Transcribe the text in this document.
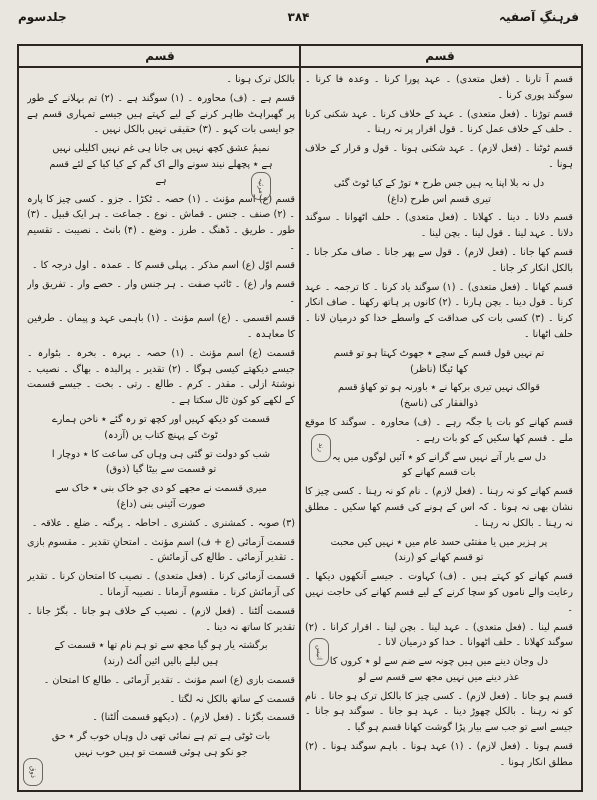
فرہنگِ آصفیہ
۳۸۴
جلدسوم
قسم
قسم

قسم آ تارنا ۔ (فعل متعدی) ۔ عہد پورا کرنا ۔ وعدہ فا کرنا ۔ سوگند پوری کرنا ۔

قسم توڑنا ۔ (فعل متعدی) ۔ عہد کے خلاف کرنا ۔ عہد شکنی کرنا ۔ حلف کے خلاف عمل کرنا ۔ قول اقرار پر نہ رہنا ۔

قسم ٹوٹنا ۔ (فعل لازم) ۔ عہد شکنی ہونا ۔ قول و قرار کے خلاف ہونا ۔

دل نہ بلا اپنا یہ ہیں جس طرح ٭ توڑ کے کیا ٹوٹ گئی تیری قسم اس طرح (داغ)

قسم دلانا ۔ دینا ۔ کھلانا ۔ (فعل متعدی) ۔ حلف اٹھوانا ۔ سوگند دلانا ۔ عہد لینا ۔ قول لینا ۔ بچن لینا ۔

قسم کھا جانا ۔ (فعل لازم) ۔ قول سے پھر جانا ۔ صاف مکر جانا ۔ بالکل انکار کر جانا ۔

قسم کھانا ۔ (فعل متعدی) ۔ (۱) سوگند یاد کرنا ۔ کا ترجمہ ۔ عہد کرنا ۔ قول دینا ۔ بچن ہارنا ۔ (۲) کانوں پر ہاتھ رکھنا ۔ صاف انکار کرنا ۔ (۳) کسی بات کی صداقت کے واسطے خدا کو درمیان لانا ۔ حلف اٹھانا ۔

تم نہیں قول قسم کے سچے ٭ جھوٹ کہتا ہو تو قسم کھا ئیگا (ناظر)

قوالک نہیں تیری برکھا نے ٭ باورنہ ہو تو کھاؤ قسم ذوالفقار کی (ناسخ)

قسم کھانے کو بات یا جگہ رہے ۔ (ف) محاورہ ۔ سوگند کا موقع ملے ۔ قسم کھا سکیں کے کو بات رہے ۔

دل سے یار آتے نہیں سے گرانے کو ٭ آئیں لوگوں میں یہ بات قسم کھانے کو

قسم کھانے کو نہ رہنا ۔ (فعل لازم) ۔ نام کو نہ رہنا ۔ کسی چیز کا نشان بھی نہ ہونا ۔ کہ اس کے ہونے کی قسم کھا سکیں ۔ مطلق نہ رہنا ۔ بالکل نہ رہنا ۔

پر ہزیر میں یا مفتئی حسد عام میں ٭ نہیں کیں محبت تو قسم کھانے کو (رند)

قسم کھانے کو کہتے ہیں ۔ (ف) کہاوت ۔ جیسے آنکھوں دیکھا ۔ رعایت والے ناموں کو سچا کرنے کے لیے قسم کھانے کی حاجت نہیں ۔

قسم لینا ۔ (فعل متعدی) ۔ عہد لینا ۔ بچن لینا ۔ اقرار کرانا ۔ (۲) سوگند کھلانا ۔ حلف اٹھوانا ۔ خدا کو درمیان لانا ۔

دل وجان دینے میں ہیں چونہ سے ضم سے لو ٭ کروں کا عذر دینے میں نہیں مجھ سے قسم سے لو

قسم ہو جانا ۔ (فعل لازم) ۔ کسی چیز کا بالکل ترک ہو جانا ۔ نام کو نہ رہنا ۔ بالکل چھوڑ دینا ۔ عہد ہو جانا ۔ سوگند ہو جانا ۔ جیسے اسے تو جب سے بیار پڑا گوشت کھانا قسم ہو گیا ۔

قسم ہونا ۔ (فعل لازم) ۔ (۱) عہد ہونا ۔ باہم سوگند ہونا ۔ (۲) مطلق انکار ہونا ۔

بالکل ترک ہونا ۔

قسم ہے ۔ (ف) محاورہ ۔ (۱) سوگند ہے ۔ (۲) تم بہلانے کے طور پر گھبراہٹ ظاہر کرنے کے لیے کہتے ہیں جیسے تمہاری قسم ہے جو ایسی بات کہو ۔ (۳) حقیقی نہیں بالکل نہیں ۔

نمیمٔ عشق کچھ نہیں پی جانا ہی غم نہیں اکلیلی نہیں ہے ٭ پچھلے نیند سونے والے اک گم کے کیا کیا کے لئے قسم ہے

قسم (ع) اسم مؤنث ۔ (۱) حصہ ۔ ٹکڑا ۔ جزو ۔ کسی چیز کا پارہ ۔ (۲) صنف ۔ جنس ۔ قماش ۔ نوع ۔ جماعت ۔ ہر ایک قبیل ۔ (۳) طور ۔ طریق ۔ ڈھنگ ۔ طرز ۔ وضع ۔ (۴) بانٹ ۔ نصیبت ۔ تقسیم ۔

قسم اوّل (ع) اسم مذکر ۔ پہلی قسم کا ۔ عمدہ ۔ اول درجہ کا ۔

قسم وار (ع) ۔ ٹائپ صفت ۔ ہر جنس وار ۔ حصے وار ۔ تفریق وار ۔

قسم اقسمی ۔ (ع) اسم مؤنث ۔ (۱) باہمی عہد و پیمان ۔ طرفین کا معاہدہ ۔

قسمت (ع) اسم مؤنث ۔ (۱) حصہ ۔ بہرہ ۔ بخرہ ۔ بٹوارہ ۔ جیسے دیکھتے کیسی ہوگا ۔ (۲) تقدیر ۔ پرالبدہ ۔ بھاگ ۔ نصیب ۔ نوشتۂ ازلی ۔ مقدر ۔ کرم ۔ طالع ۔ رتی ۔ بخت ۔ جیسے قسمت کے لکھے کو کون ٹال سکتا ہے ۔

قسمت کو دیکھ کہیں اور کچھ تو رہ گئے ٭ ناخن ہمارے ٹوٹ کے پہنچ کتاب یں (آزدہ)

شب کو دولت تو گئی ہی وہاں کی ساعت کا ٭ دوچار ا تو قسمت سے بیٹا گیا (ذوق)

میری قسمت نے مجھے کو دی جو خاک بنی ٭ خاک سے صورت آئینی بنی (داغ)

(۳) صوبہ ۔ کمشنری ۔ کشنری ۔ احاطہ ۔ پرگنہ ۔ ضلع ۔ علاقہ ۔

قسمت آزمائی (ع + ف) اسم مؤنث ۔ امتحانِ تقدیر ۔ مقسوم بازی ۔ تقدیر آزمائی ۔ طالع کی آزمائش ۔

قسمت آزمائی کرنا ۔ (فعل متعدی) ۔ نصیب کا امتحان کرنا ۔ تقدیر کی آزمائش کرنا ۔ مقسوم آزمانا ۔ نصیبہ آزمانا ۔

قسمت اُلٹنا ۔ (فعل لازم) ۔ نصیب کے خلاف ہو جانا ۔ بگڑ جانا ۔ تقدیر کا ساتھ نہ دینا ۔

برگشتہ یار ہو گیا مجھ سے تو ہم نام تھا ٭ قسمت کے ہیں لیلے بالیں ائین اُلٹ (رند)

قسمت بازی (ع) اسم مؤنث ۔ تقدیر آزمائی ۔ طالع کا امتحان ۔

قسمت کے ساتھ بالکل نہ لگتا ۔

قسمت بگڑنا ۔ (فعل لازم) ۔ (دیکھو قسمت اُلٹنا) ۔

بات ٹوٹی ہے تم ہے نمائی تھی دل وہاں خوب گر ٭ حق جو نکو ہی ہوئی قسمت تو ہیں خوب نہیں

مرثیہ
رند
انیس
ذوق
